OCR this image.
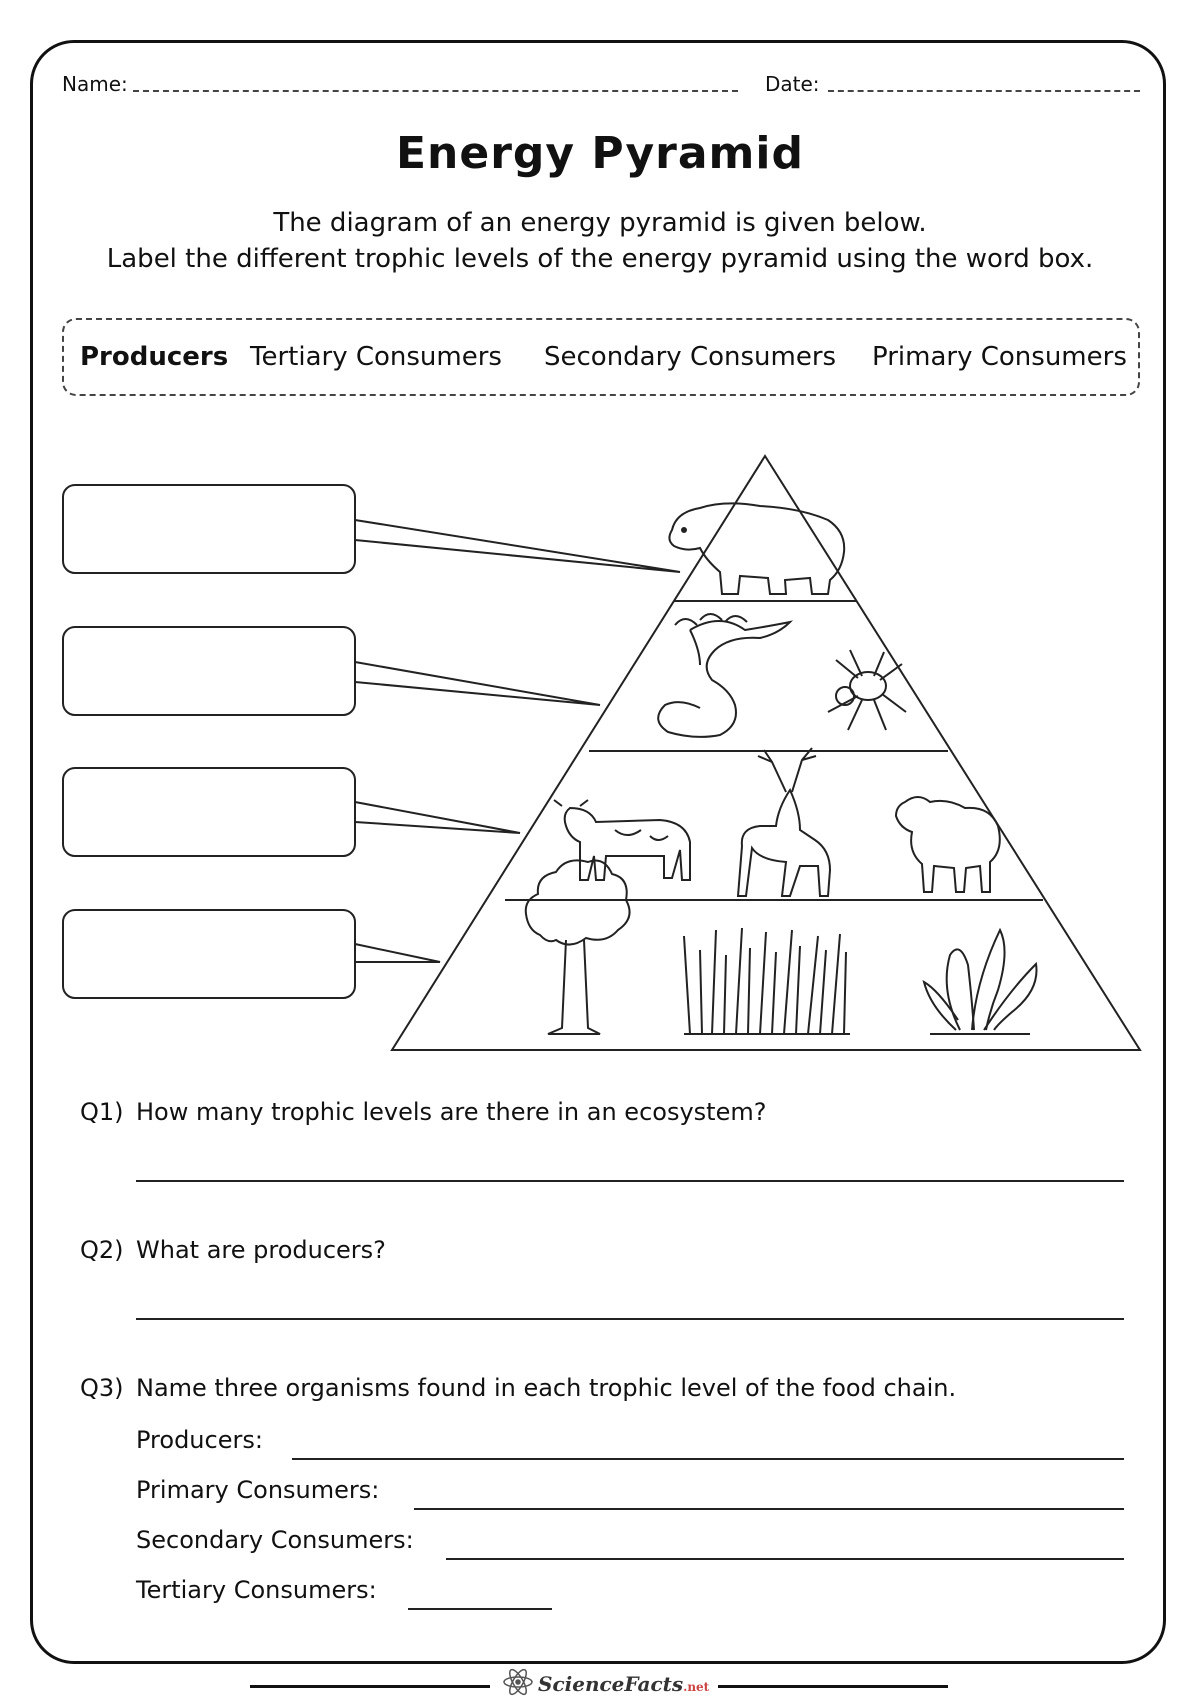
Name:	Date:
Energy Pyramid
The diagram of an energy pyramid is given below.
Label the different trophic levels of the energy pyramid using the word box.
Producers Tertiary Consumers Secondary Consumers Primary Consumers
Q1) How many trophic levels are there in an ecosystem?
Q2) What are producers?
Q3) Name three organisms found in each trophic level of the food chain.
Producers:
Primary Consumers:
Secondary Consumers:
Tertiary Consumers:
ScienceFacts.net
